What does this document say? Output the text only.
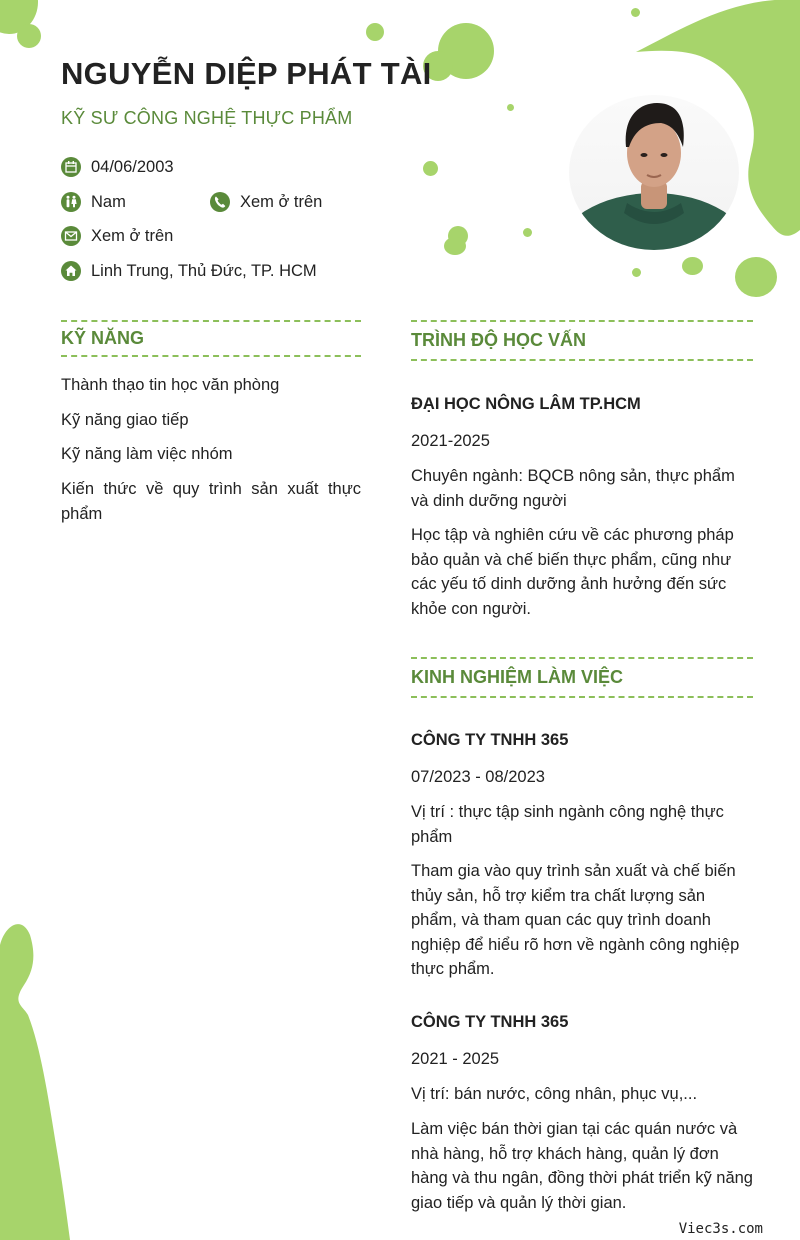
NGUYỄN DIỆP PHÁT TÀI
KỸ SƯ CÔNG NGHỆ THỰC PHẨM
04/06/2003
Nam	Xem ở trên
Xem ở trên
Linh Trung, Thủ Đức, TP. HCM
KỸ NĂNG
Thành thạo tin học văn phòng
Kỹ năng giao tiếp
Kỹ năng làm việc nhóm
Kiến thức về quy trình sản xuất thực phẩm
TRÌNH ĐỘ HỌC VẤN
ĐẠI HỌC NÔNG LÂM TP.HCM
2021-2025
Chuyên ngành: BQCB nông sản, thực phẩm và dinh dưỡng người
Học tập và nghiên cứu về các phương pháp bảo quản và chế biến thực phẩm, cũng như các yếu tố dinh dưỡng ảnh hưởng đến sức khỏe con người.
KINH NGHIỆM LÀM VIỆC
CÔNG TY TNHH 365
07/2023 - 08/2023
Vị trí : thực tập sinh ngành công nghệ thực phẩm
Tham gia vào quy trình sản xuất và chế biến thủy sản, hỗ trợ kiểm tra chất lượng sản phẩm, và tham quan các quy trình doanh nghiệp để hiểu rõ hơn về ngành công nghiệp thực phẩm.
CÔNG TY TNHH 365
2021 - 2025
Vị trí: bán nước, công nhân, phục vụ,...
Làm việc bán thời gian tại các quán nước và nhà hàng, hỗ trợ khách hàng, quản lý đơn hàng và thu ngân, đồng thời phát triển kỹ năng giao tiếp và quản lý thời gian.
Viec3s.com
